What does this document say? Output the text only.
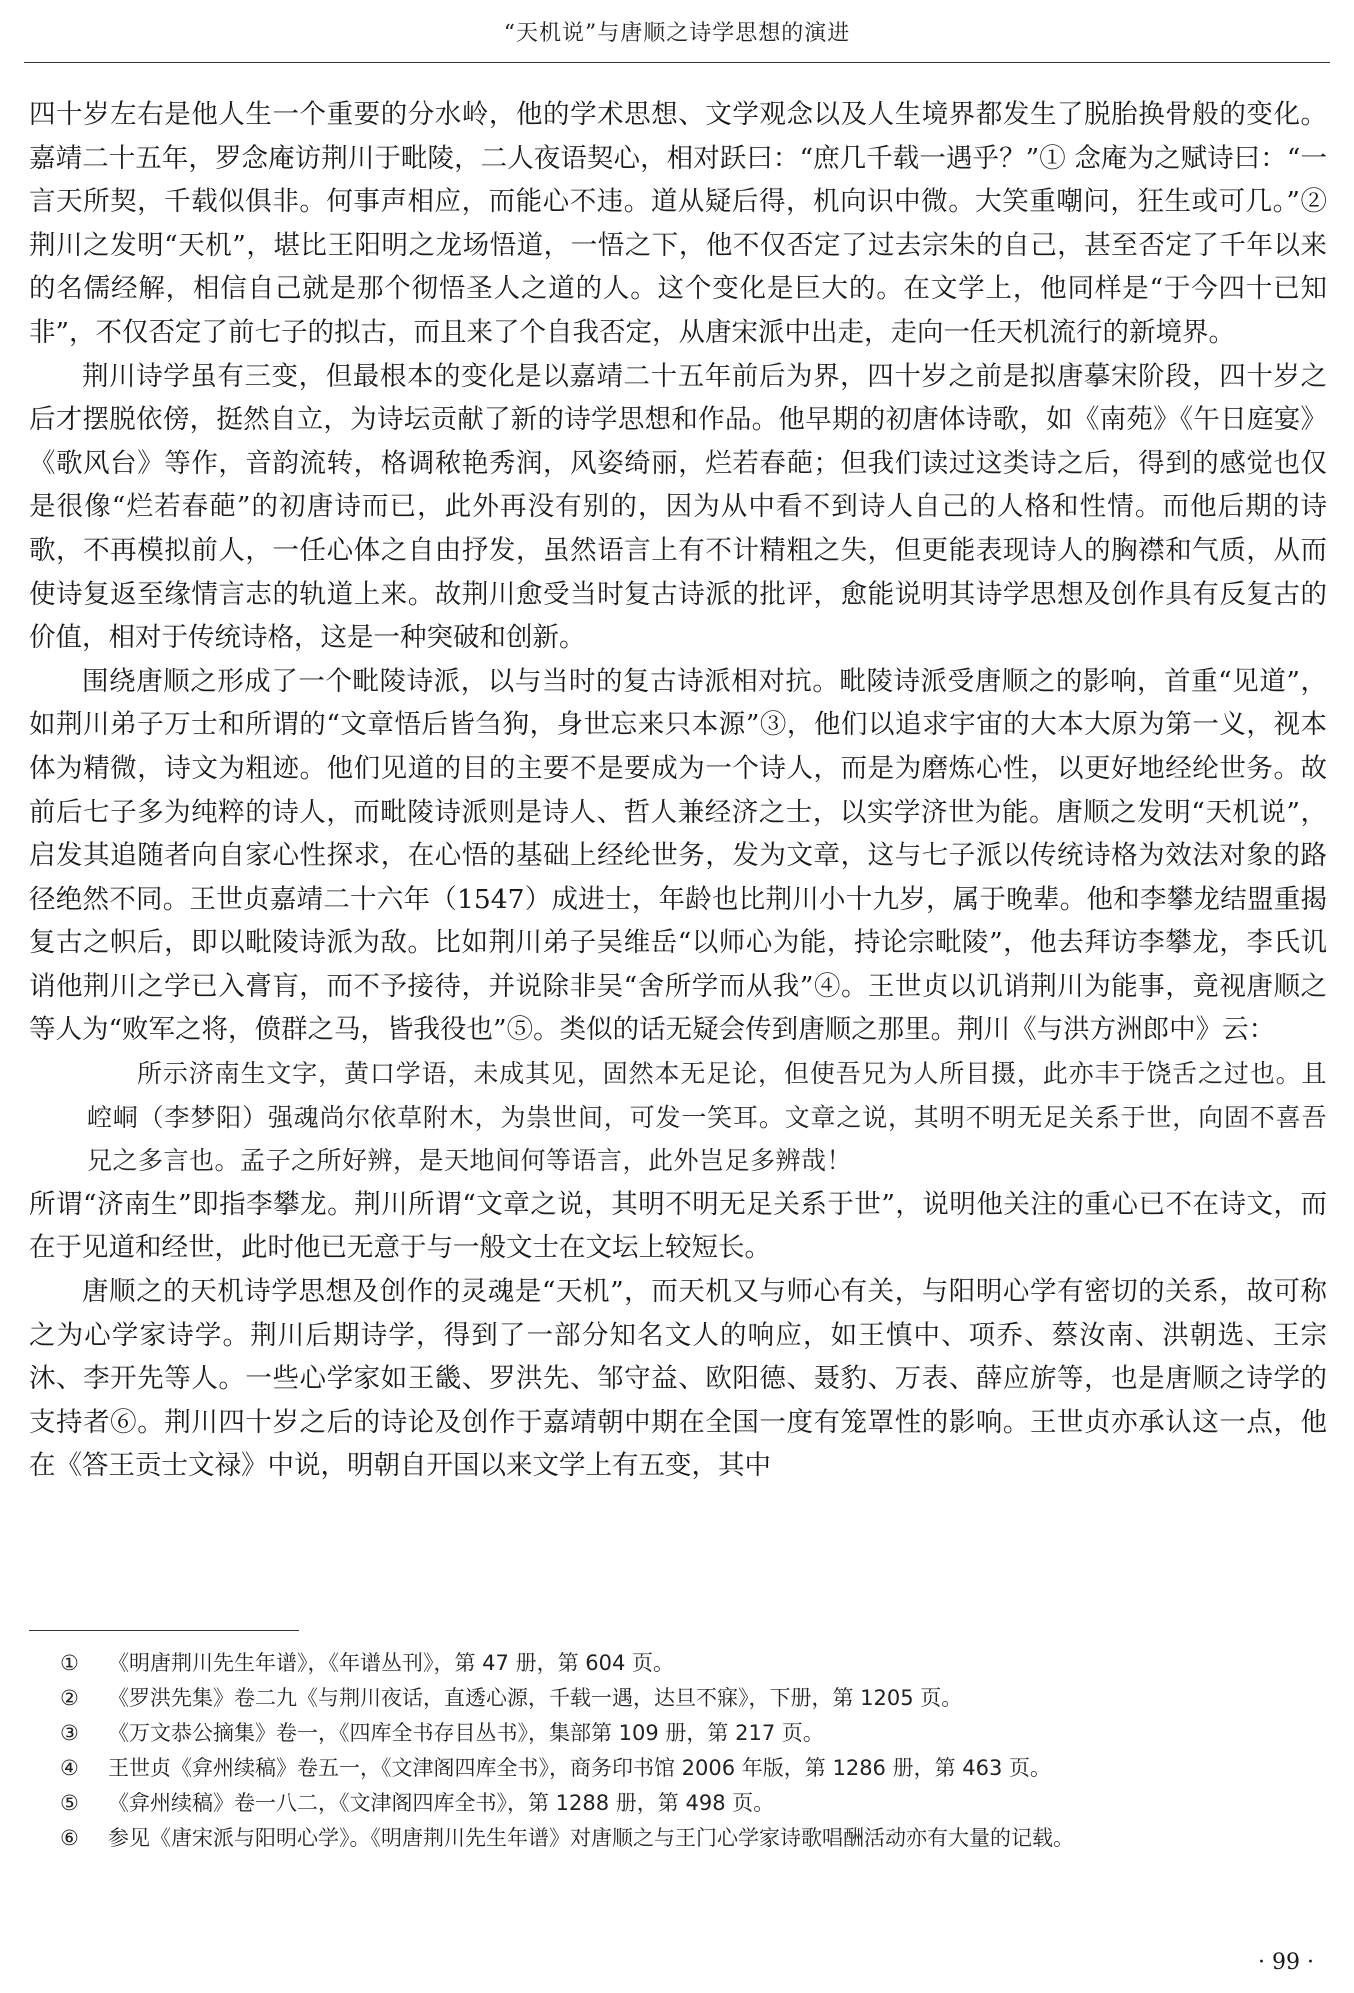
“天机说”与唐顺之诗学思想的演进

四十岁左右是他人生一个重要的分水岭，他的学术思想、文学观念以及人生境界都发生了脱胎换骨般的变化。嘉靖二十五年，罗念庵访荆川于毗陵，二人夜语契心，相对跃曰：“庶几千载一遇乎？”① 念庵为之赋诗曰：“一言天所契，千载似俱非。何事声相应，而能心不违。道从疑后得，机向识中微。大笑重嘲问，狂生或可几。”② 荆川之发明“天机”，堪比王阳明之龙场悟道，一悟之下，他不仅否定了过去宗朱的自己，甚至否定了千年以来的名儒经解，相信自己就是那个彻悟圣人之道的人。这个变化是巨大的。在文学上，他同样是“于今四十已知非”，不仅否定了前七子的拟古，而且来了个自我否定，从唐宋派中出走，走向一任天机流行的新境界。

荆川诗学虽有三变，但最根本的变化是以嘉靖二十五年前后为界，四十岁之前是拟唐摹宋阶段，四十岁之后才摆脱依傍，挺然自立，为诗坛贡献了新的诗学思想和作品。他早期的初唐体诗歌，如《南苑》《午日庭宴》《歌风台》等作，音韵流转，格调秾艳秀润，风姿绮丽，烂若春葩；但我们读过这类诗之后，得到的感觉也仅是很像“烂若春葩”的初唐诗而已，此外再没有别的，因为从中看不到诗人自己的人格和性情。而他后期的诗歌，不再模拟前人，一任心体之自由抒发，虽然语言上有不计精粗之失，但更能表现诗人的胸襟和气质，从而使诗复返至缘情言志的轨道上来。故荆川愈受当时复古诗派的批评，愈能说明其诗学思想及创作具有反复古的价值，相对于传统诗格，这是一种突破和创新。

围绕唐顺之形成了一个毗陵诗派，以与当时的复古诗派相对抗。毗陵诗派受唐顺之的影响，首重“见道”，如荆川弟子万士和所谓的“文章悟后皆刍狗，身世忘来只本源”③，他们以追求宇宙的大本大原为第一义，视本体为精微，诗文为粗迹。他们见道的目的主要不是要成为一个诗人，而是为磨炼心性，以更好地经纶世务。故前后七子多为纯粹的诗人，而毗陵诗派则是诗人、哲人兼经济之士，以实学济世为能。唐顺之发明“天机说”，启发其追随者向自家心性探求，在心悟的基础上经纶世务，发为文章，这与七子派以传统诗格为效法对象的路径绝然不同。王世贞嘉靖二十六年（1547）成进士，年龄也比荆川小十九岁，属于晚辈。他和李攀龙结盟重揭复古之帜后，即以毗陵诗派为敌。比如荆川弟子吴维岳“以师心为能，持论宗毗陵”，他去拜访李攀龙，李氏讥诮他荆川之学已入膏肓，而不予接待，并说除非吴“舍所学而从我”④。王世贞以讥诮荆川为能事，竟视唐顺之等人为“败军之将，偾群之马，皆我役也”⑤。类似的话无疑会传到唐顺之那里。荆川《与洪方洲郎中》云：

所示济南生文字，黄口学语，未成其见，固然本无足论，但使吾兄为人所目摄，此亦丰于饶舌之过也。且崆峒（李梦阳）强魂尚尔依草附木，为祟世间，可发一笑耳。文章之说，其明不明无足关系于世，向固不喜吾兄之多言也。孟子之所好辨，是天地间何等语言，此外岂足多辨哉！

所谓“济南生”即指李攀龙。荆川所谓“文章之说，其明不明无足关系于世”，说明他关注的重心已不在诗文，而在于见道和经世，此时他已无意于与一般文士在文坛上较短长。

唐顺之的天机诗学思想及创作的灵魂是“天机”，而天机又与师心有关，与阳明心学有密切的关系，故可称之为心学家诗学。荆川后期诗学，得到了一部分知名文人的响应，如王慎中、项乔、蔡汝南、洪朝选、王宗沐、李开先等人。一些心学家如王畿、罗洪先、邹守益、欧阳德、聂豹、万表、薛应旂等，也是唐顺之诗学的支持者⑥。荆川四十岁之后的诗论及创作于嘉靖朝中期在全国一度有笼罩性的影响。王世贞亦承认这一点，他在《答王贡士文禄》中说，明朝自开国以来文学上有五变，其中

①	《明唐荆川先生年谱》，《年谱丛刊》，第 47 册，第 604 页。
②	《罗洪先集》卷二九《与荆川夜话，直透心源，千载一遇，达旦不寐》，下册，第 1205 页。
③	《万文恭公摘集》卷一，《四库全书存目丛书》，集部第 109 册，第 217 页。
④	王世贞《弇州续稿》卷五一，《文津阁四库全书》，商务印书馆 2006 年版，第 1286 册，第 463 页。
⑤	《弇州续稿》卷一八二，《文津阁四库全书》，第 1288 册，第 498 页。
⑥	参见《唐宋派与阳明心学》。《明唐荆川先生年谱》对唐顺之与王门心学家诗歌唱酬活动亦有大量的记载。
· 99 ·
